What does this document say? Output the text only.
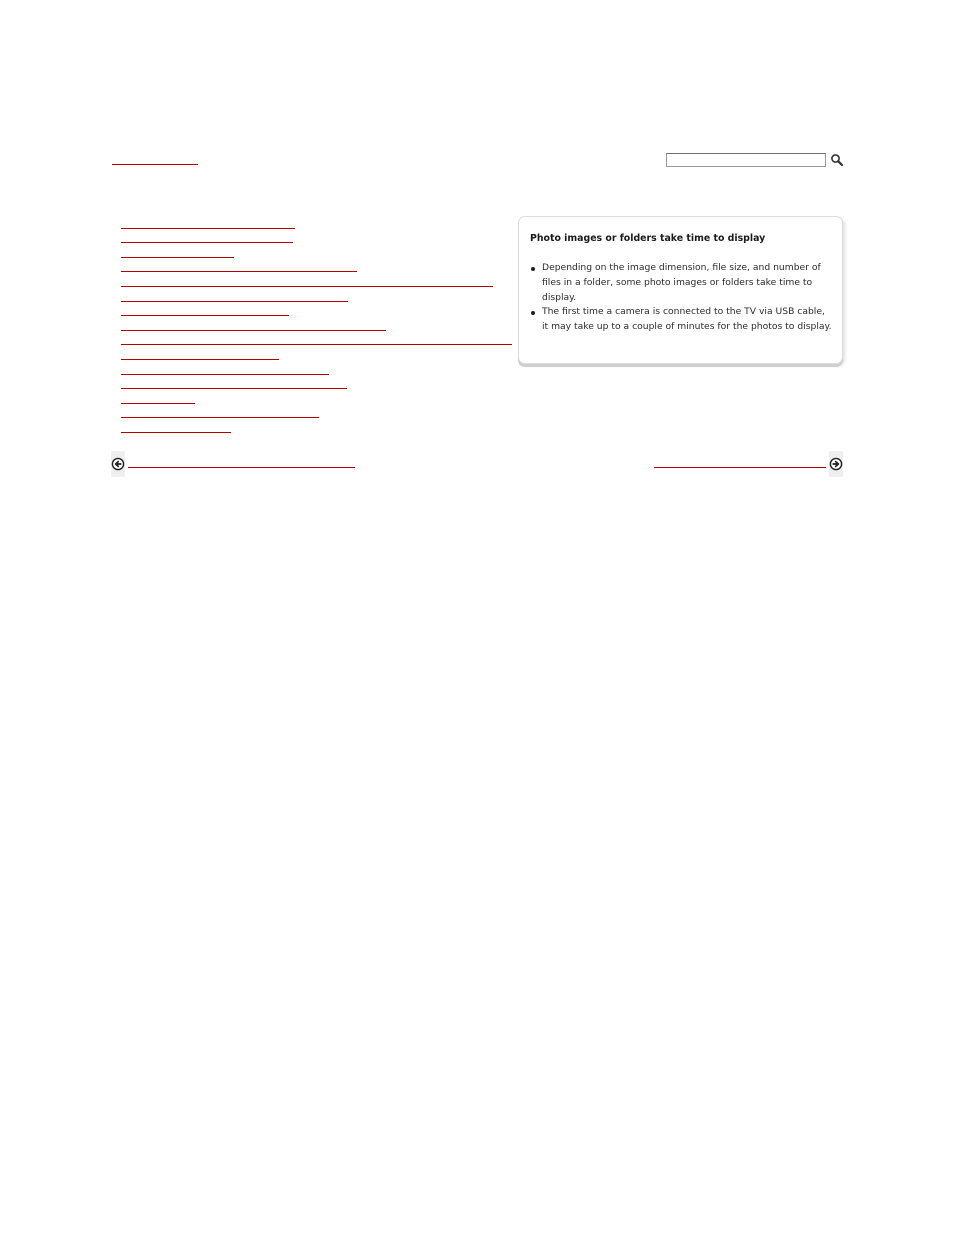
Photo images or folders take time to display

Depending on the image dimension, file size, and number of files in a folder, some photo images or folders take time to display.
The first time a camera is connected to the TV via USB cable, it may take up to a couple of minutes for the photos to display.
